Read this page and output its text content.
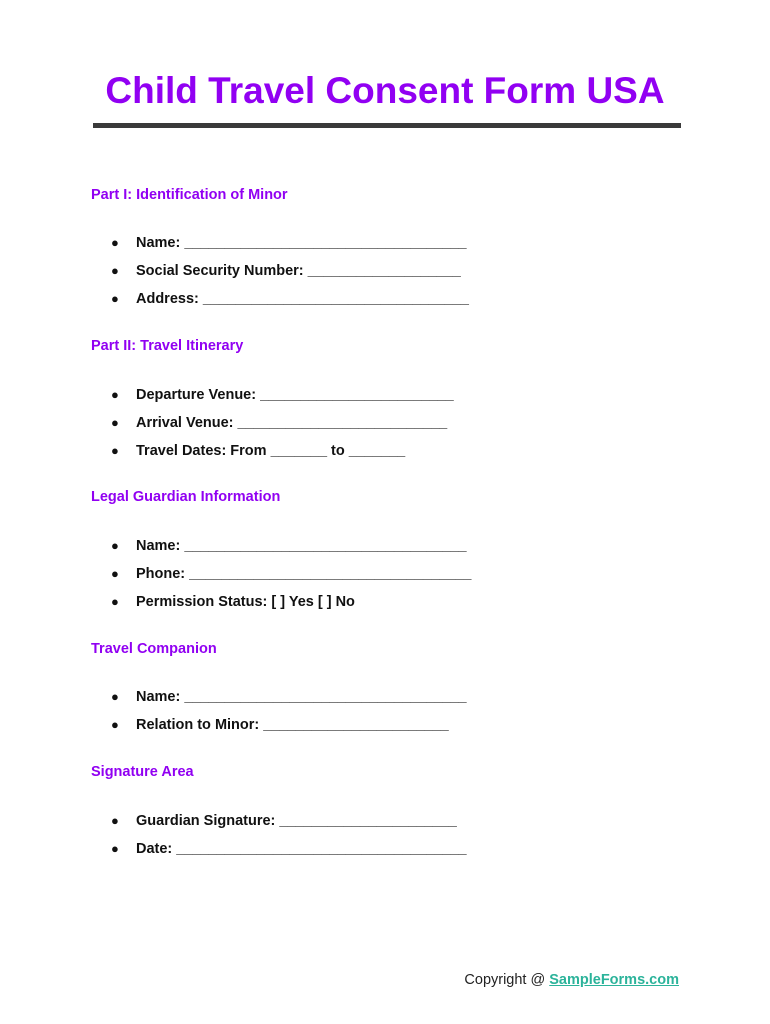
Child Travel Consent Form USA
Part I: Identification of Minor
● Name: ___________________________________
● Social Security Number: ___________________
● Address: _________________________________
Part II: Travel Itinerary
● Departure Venue: ________________________
● Arrival Venue: __________________________
● Travel Dates: From _______ to _______
Legal Guardian Information
● Name: ___________________________________
● Phone: ___________________________________
● Permission Status: [ ] Yes [ ] No
Travel Companion
● Name: ___________________________________
● Relation to Minor: _______________________
Signature Area
● Guardian Signature: ______________________
● Date: ____________________________________
Copyright @ SampleForms.com
